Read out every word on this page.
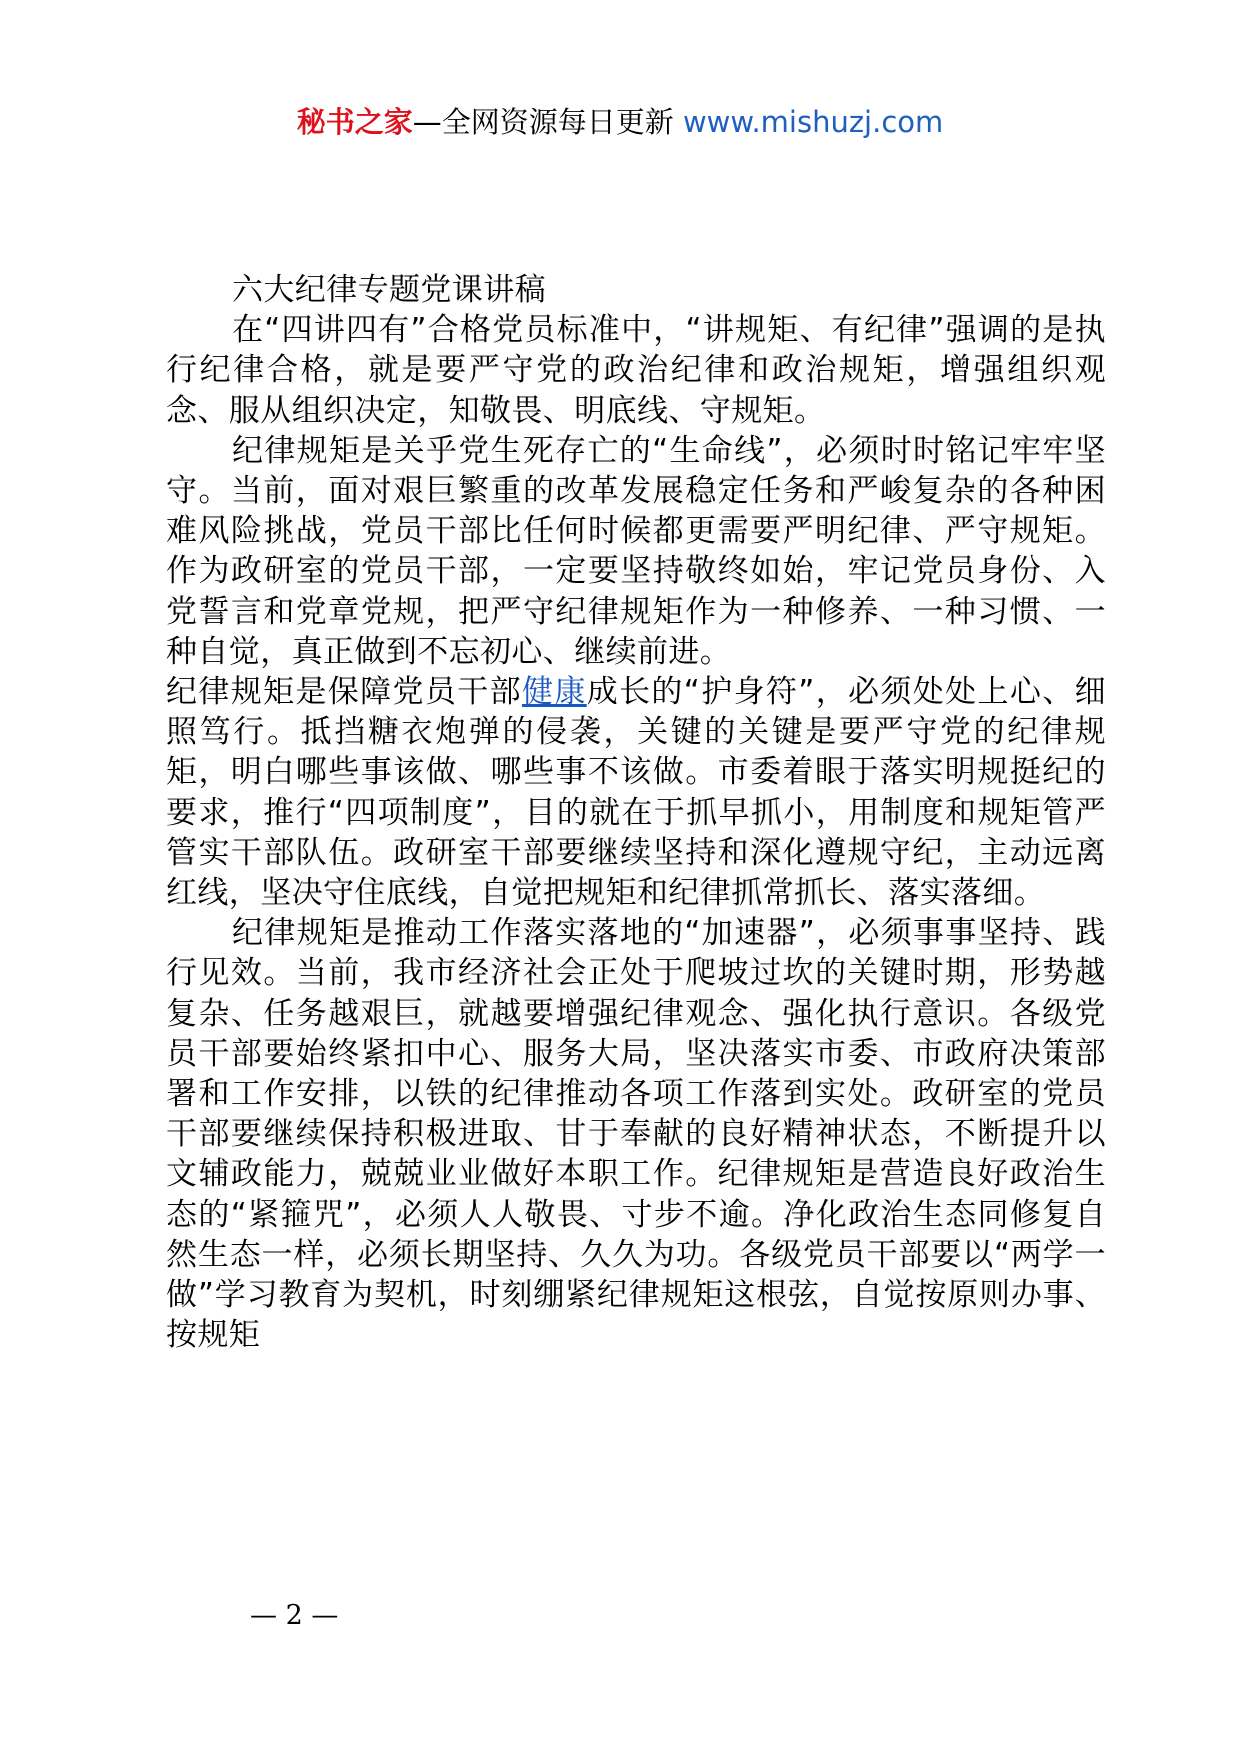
秘书之家—全网资源每日更新 www.mishuzj.com

六大纪律专题党课讲稿

在“四讲四有”合格党员标准中，“讲规矩、有纪律”强调的是执行纪律合格，就是要严守党的政治纪律和政治规矩，增强组织观念、服从组织决定，知敬畏、明底线、守规矩。

纪律规矩是关乎党生死存亡的“生命线”，必须时时铭记牢牢坚守。当前，面对艰巨繁重的改革发展稳定任务和严峻复杂的各种困难风险挑战，党员干部比任何时候都更需要严明纪律、严守规矩。作为政研室的党员干部，一定要坚持敬终如始，牢记党员身份、入党誓言和党章党规，把严守纪律规矩作为一种修养、一种习惯、一种自觉，真正做到不忘初心、继续前进。

纪律规矩是保障党员干部健康成长的“护身符”，必须处处上心、细照笃行。抵挡糖衣炮弹的侵袭，关键的关键是要严守党的纪律规矩，明白哪些事该做、哪些事不该做。市委着眼于落实明规挺纪的要求，推行“四项制度”，目的就在于抓早抓小，用制度和规矩管严管实干部队伍。政研室干部要继续坚持和深化遵规守纪，主动远离红线，坚决守住底线，自觉把规矩和纪律抓常抓长、落实落细。

纪律规矩是推动工作落实落地的“加速器”，必须事事坚持、践行见效。当前，我市经济社会正处于爬坡过坎的关键时期，形势越复杂、任务越艰巨，就越要增强纪律观念、强化执行意识。各级党员干部要始终紧扣中心、服务大局，坚决落实市委、市政府决策部署和工作安排，以铁的纪律推动各项工作落到实处。政研室的党员干部要继续保持积极进取、甘于奉献的良好精神状态，不断提升以文辅政能力，兢兢业业做好本职工作。纪律规矩是营造良好政治生态的“紧箍咒”，必须人人敬畏、寸步不逾。净化政治生态同修复自然生态一样，必须长期坚持、久久为功。各级党员干部要以“两学一做”学习教育为契机，时刻绷紧纪律规矩这根弦，自觉按原则办事、按规矩

— 2 —
